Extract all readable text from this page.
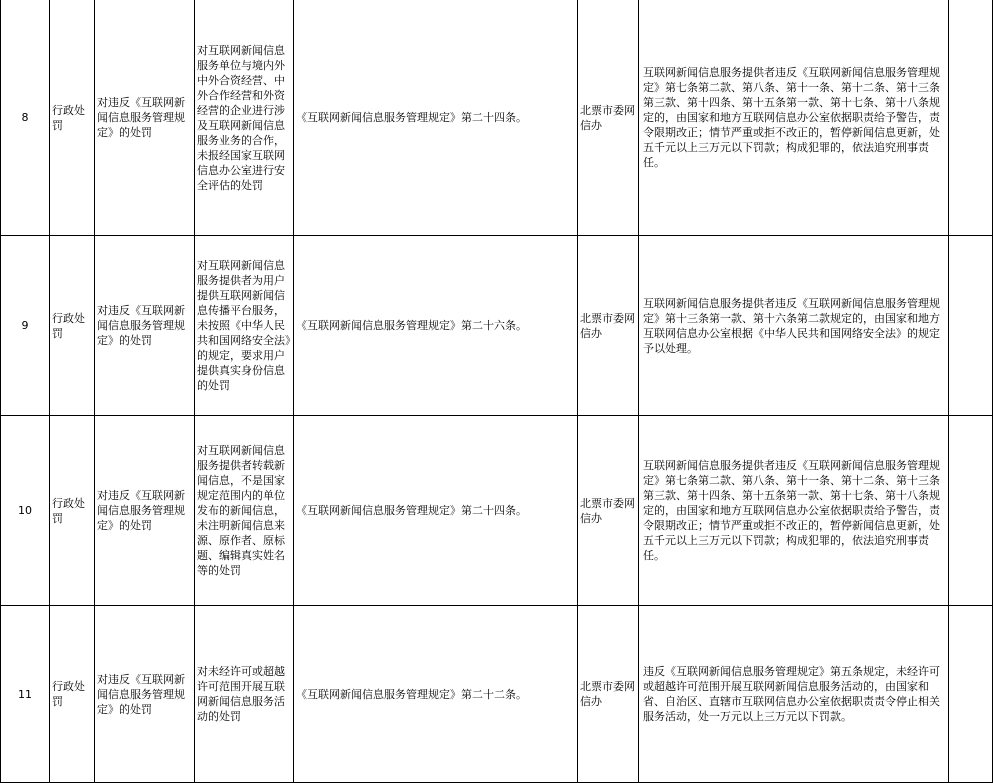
8	行政处罚	对违反《互联网新闻信息服务管理规定》的处罚	对互联网新闻信息服务单位与境内外中外合资经营、中外合作经营和外资经营的企业进行涉及互联网新闻信息服务业务的合作，未报经国家互联网信息办公室进行安全评估的处罚	《互联网新闻信息服务管理规定》第二十四条。	北票市委网信办	互联网新闻信息服务提供者违反《互联网新闻信息服务管理规定》第七条第二款、第八条、第十一条、第十二条、第十三条第三款、第十四条、第十五条第一款、第十七条、第十八条规定的，由国家和地方互联网信息办公室依据职责给予警告，责令限期改正；情节严重或拒不改正的，暂停新闻信息更新，处五千元以上三万元以下罚款；构成犯罪的，依法追究刑事责任。	
9	行政处罚	对违反《互联网新闻信息服务管理规定》的处罚	对互联网新闻信息服务提供者为用户提供互联网新闻信息传播平台服务，未按照《中华人民共和国网络安全法》的规定，要求用户提供真实身份信息的处罚	《互联网新闻信息服务管理规定》第二十六条。	北票市委网信办	互联网新闻信息服务提供者违反《互联网新闻信息服务管理规定》第十三条第一款、第十六条第二款规定的，由国家和地方互联网信息办公室根据《中华人民共和国网络安全法》的规定予以处理。	
10	行政处罚	对违反《互联网新闻信息服务管理规定》的处罚	对互联网新闻信息服务提供者转载新闻信息，不是国家规定范围内的单位发布的新闻信息，未注明新闻信息来源、原作者、原标题、编辑真实姓名等的处罚	《互联网新闻信息服务管理规定》第二十四条。	北票市委网信办	互联网新闻信息服务提供者违反《互联网新闻信息服务管理规定》第七条第二款、第八条、第十一条、第十二条、第十三条第三款、第十四条、第十五条第一款、第十七条、第十八条规定的，由国家和地方互联网信息办公室依据职责给予警告，责令限期改正；情节严重或拒不改正的，暂停新闻信息更新，处五千元以上三万元以下罚款；构成犯罪的，依法追究刑事责任。	
11	行政处罚	对违反《互联网新闻信息服务管理规定》的处罚	对未经许可或超越许可范围开展互联网新闻信息服务活动的处罚	《互联网新闻信息服务管理规定》第二十二条。	北票市委网信办	违反《互联网新闻信息服务管理规定》第五条规定，未经许可或超越许可范围开展互联网新闻信息服务活动的，由国家和省、自治区、直辖市互联网信息办公室依据职责责令停止相关服务活动，处一万元以上三万元以下罚款。	
